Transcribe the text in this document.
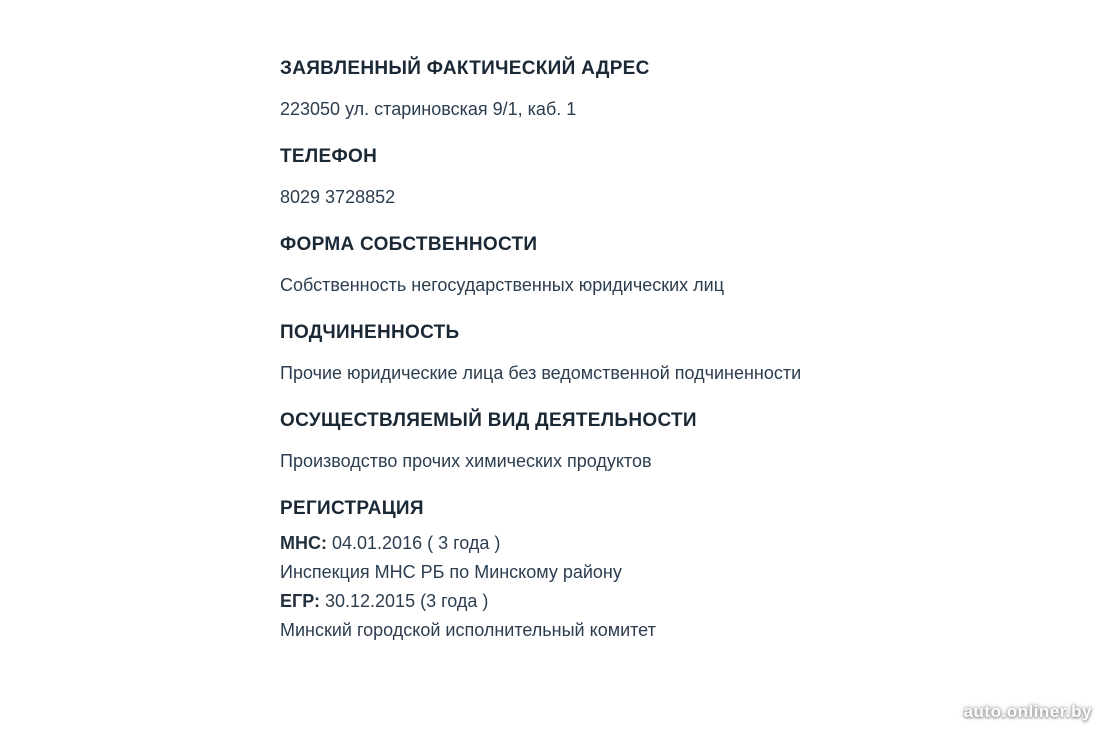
ЗАЯВЛЕННЫЙ ФАКТИЧЕСКИЙ АДРЕС

223050 ул. стариновская 9/1, каб. 1

ТЕЛЕФОН

8029 3728852

ФОРМА СОБСТВЕННОСТИ

Собственность негосударственных юридических лиц

ПОДЧИНЕННОСТЬ

Прочие юридические лица без ведомственной подчиненности

ОСУЩЕСТВЛЯЕМЫЙ ВИД ДЕЯТЕЛЬНОСТИ

Производство прочих химических продуктов

РЕГИСТРАЦИЯ

МНС: 04.01.2016 ( 3 года )

Инспекция МНС РБ по Минскому району

ЕГР: 30.12.2015 (3 года )

Минский городской исполнительный комитет

auto.onliner.by
